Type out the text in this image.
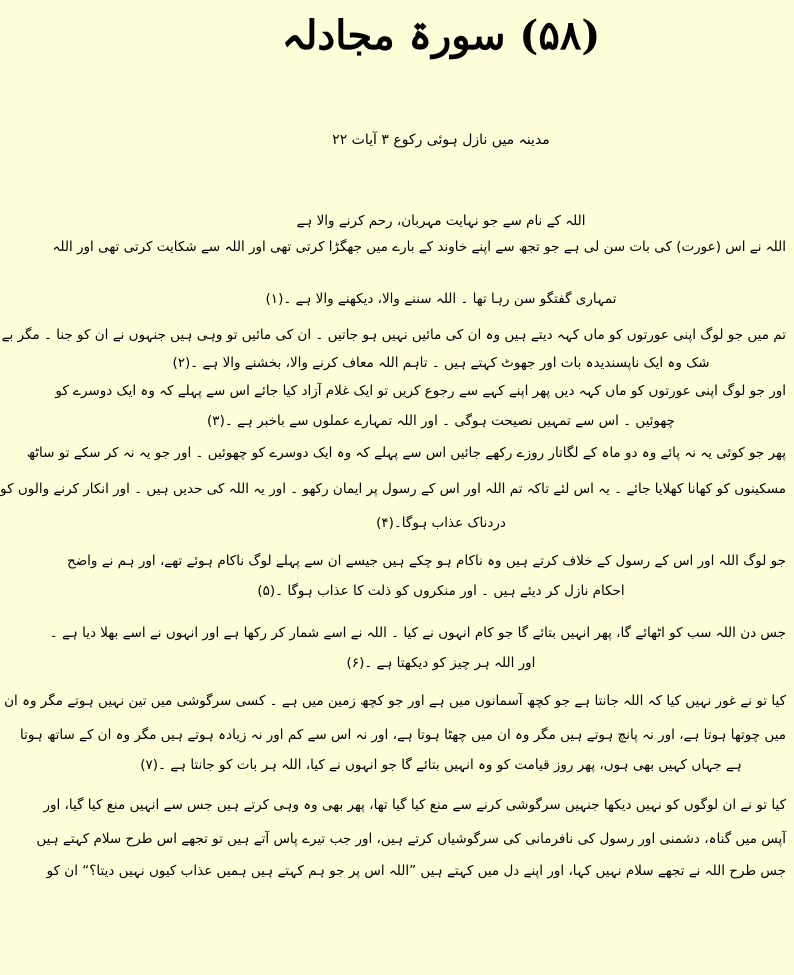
(۵۸) سورۃ مجادلہ
مدینہ میں نازل ہوئی رکوع ۳ آیات ۲۲
اللہ کے نام سے جو نہایت مہربان، رحم کرنے والا ہے
اللہ نے اس (عورت) کی بات سن لی ہے جو تجھ سے اپنے خاوند کے بارے میں جھگڑا کرتی تھی اور اللہ سے شکایت کرتی تھی اور اللہ
تمہاری گفتگو سن رہا تھا ۔ اللہ سننے والا، دیکھنے والا ہے ۔(۱)
تم میں جو لوگ اپنی عورتوں کو ماں کہہ دیتے ہیں وہ ان کی مائیں نہیں ہو جاتیں ۔ ان کی مائیں تو وہی ہیں جنہوں نے ان کو جنا ۔ مگر بے
شک وہ ایک ناپسندیدہ بات اور جھوٹ کہتے ہیں ۔ تاہم اللہ معاف کرنے والا، بخشنے والا ہے ۔(۲)
اور جو لوگ اپنی عورتوں کو ماں کہہ دیں پھر اپنے کہے سے رجوع کریں تو ایک غلام آزاد کیا جائے اس سے پہلے کہ وہ ایک دوسرے کو
چھوئیں ۔ اس سے تمہیں نصیحت ہوگی ۔ اور اللہ تمہارے عملوں سے باخبر ہے ۔(۳)
پھر جو کوئی یہ نہ پائے وہ دو ماہ کے لگاتار روزے رکھے جائیں اس سے پہلے کہ وہ ایک دوسرے کو چھوئیں ۔ اور جو یہ نہ کر سکے تو ساٹھ
مسکینوں کو کھانا کھلایا جائے ۔ یہ اس لئے تاکہ تم اللہ اور اس کے رسول پر ایمان رکھو ۔ اور یہ اللہ کی حدیں ہیں ۔ اور انکار کرنے والوں کو
دردناک عذاب ہوگا۔(۴)
جو لوگ اللہ اور اس کے رسول کے خلاف کرتے ہیں وہ ناکام ہو چکے ہیں جیسے ان سے پہلے لوگ ناکام ہوئے تھے، اور ہم نے واضح
احکام نازل کر دیئے ہیں ۔ اور منکروں کو ذلت کا عذاب ہوگا ۔(۵)
جس دن اللہ سب کو اٹھائے گا، پھر انہیں بتائے گا جو کام انہوں نے کیا ۔ اللہ نے اسے شمار کر رکھا ہے اور انہوں نے اسے بھلا دیا ہے ۔
اور اللہ ہر چیز کو دیکھتا ہے ۔(۶)
کیا تو نے غور نہیں کیا کہ اللہ جانتا ہے جو کچھ آسمانوں میں ہے اور جو کچھ زمین میں ہے ۔ کسی سرگوشی میں تین نہیں ہوتے مگر وہ ان
میں چوتھا ہوتا ہے، اور نہ پانچ ہوتے ہیں مگر وہ ان میں چھٹا ہوتا ہے، اور نہ اس سے کم اور نہ زیادہ ہوتے ہیں مگر وہ ان کے ساتھ ہوتا
ہے جہاں کہیں بھی ہوں، پھر روز قیامت کو وہ انہیں بتائے گا جو انہوں نے کیا، اللہ ہر بات کو جانتا ہے ۔(۷)
کیا تو نے ان لوگوں کو نہیں دیکھا جنہیں سرگوشی کرنے سے منع کیا گیا تھا، پھر بھی وہ وہی کرتے ہیں جس سے انہیں منع کیا گیا، اور
آپس میں گناہ، دشمنی اور رسول کی نافرمانی کی سرگوشیاں کرتے ہیں، اور جب تیرے پاس آتے ہیں تو تجھے اس طرح سلام کہتے ہیں
جس طرح اللہ نے تجھے سلام نہیں کہا، اور اپنے دل میں کہتے ہیں ”اللہ اس پر جو ہم کہتے ہیں ہمیں عذاب کیوں نہیں دیتا؟“ ان کو
